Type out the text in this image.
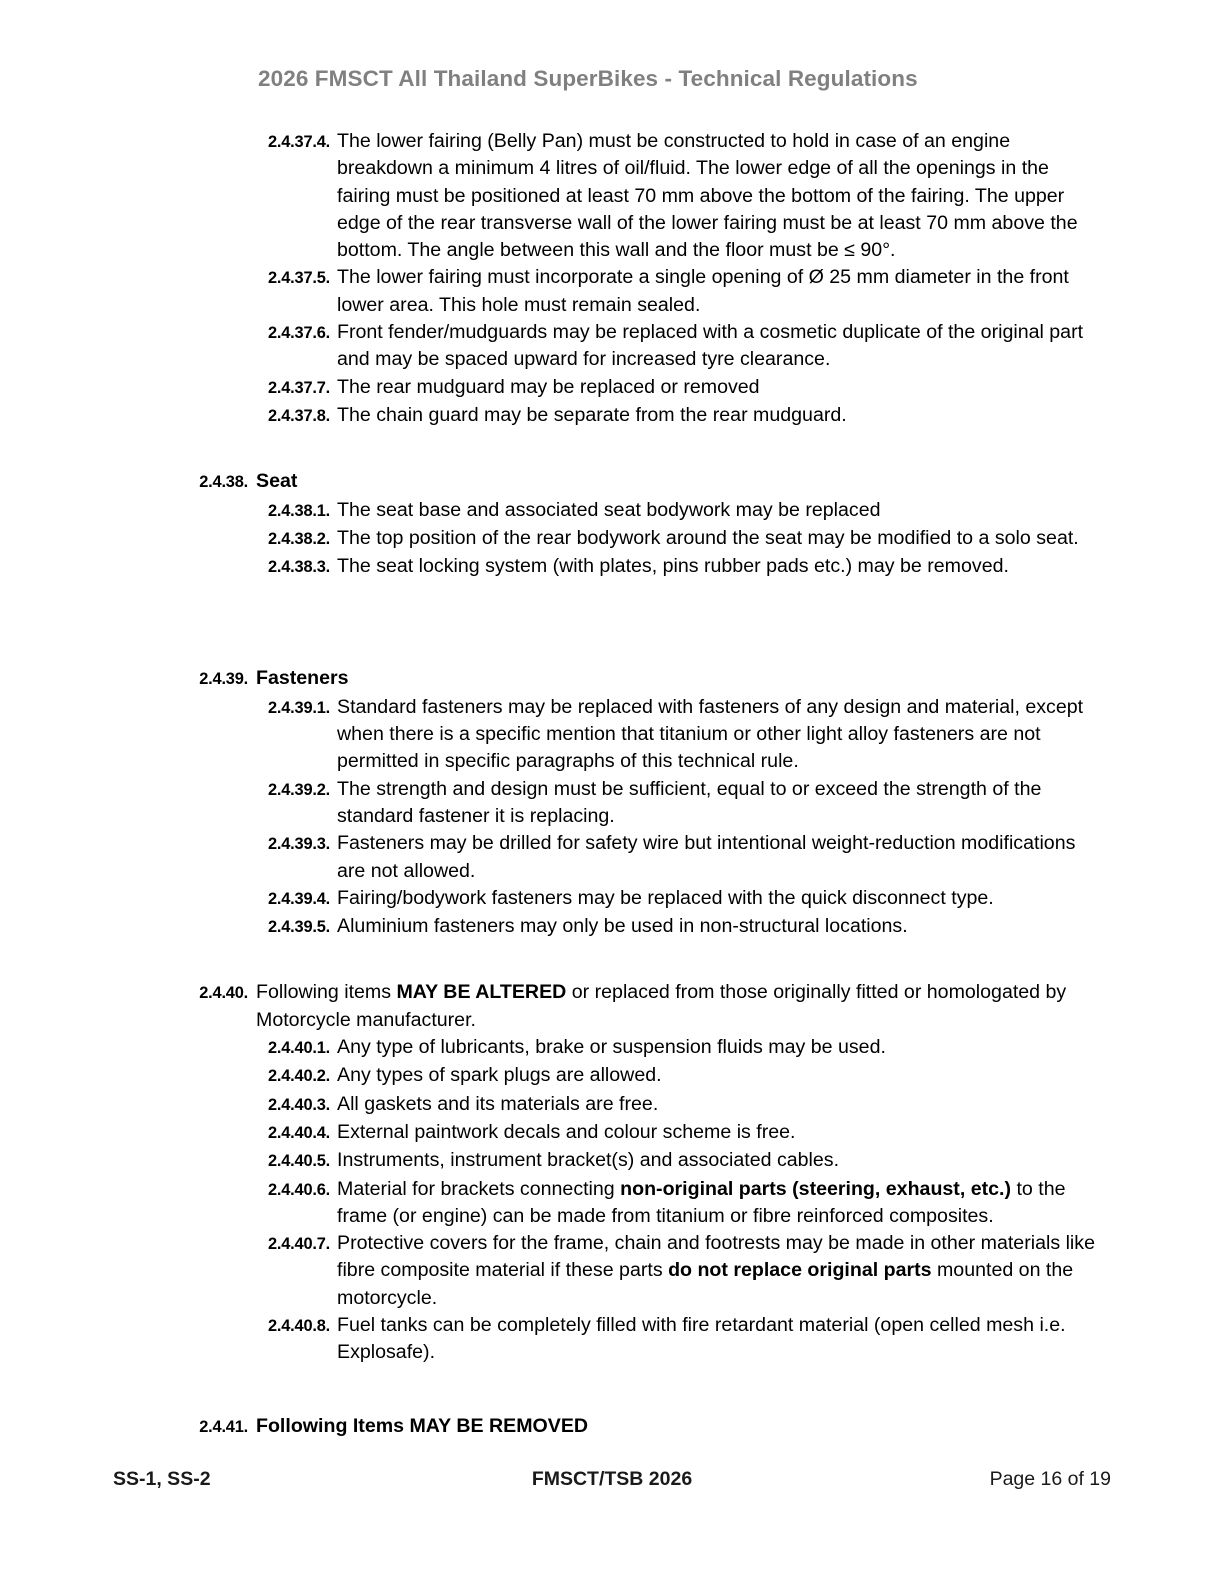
2026 FMSCT All Thailand SuperBikes - Technical Regulations
2.4.37.4. The lower fairing (Belly Pan) must be constructed to hold in case of an engine breakdown a minimum 4 litres of oil/fluid. The lower edge of all the openings in the fairing must be positioned at least 70 mm above the bottom of the fairing. The upper edge of the rear transverse wall of the lower fairing must be at least 70 mm above the bottom. The angle between this wall and the floor must be ≤ 90°.
2.4.37.5. The lower fairing must incorporate a single opening of Ø 25 mm diameter in the front lower area. This hole must remain sealed.
2.4.37.6. Front fender/mudguards may be replaced with a cosmetic duplicate of the original part and may be spaced upward for increased tyre clearance.
2.4.37.7. The rear mudguard may be replaced or removed
2.4.37.8. The chain guard may be separate from the rear mudguard.
2.4.38. Seat
2.4.38.1. The seat base and associated seat bodywork may be replaced
2.4.38.2. The top position of the rear bodywork around the seat may be modified to a solo seat.
2.4.38.3. The seat locking system (with plates, pins rubber pads etc.) may be removed.
2.4.39. Fasteners
2.4.39.1. Standard fasteners may be replaced with fasteners of any design and material, except when there is a specific mention that titanium or other light alloy fasteners are not permitted in specific paragraphs of this technical rule.
2.4.39.2. The strength and design must be sufficient, equal to or exceed the strength of the standard fastener it is replacing.
2.4.39.3. Fasteners may be drilled for safety wire but intentional weight-reduction modifications are not allowed.
2.4.39.4. Fairing/bodywork fasteners may be replaced with the quick disconnect type.
2.4.39.5. Aluminium fasteners may only be used in non-structural locations.
2.4.40. Following items MAY BE ALTERED or replaced from those originally fitted or homologated by Motorcycle manufacturer.
2.4.40.1. Any type of lubricants, brake or suspension fluids may be used.
2.4.40.2. Any types of spark plugs are allowed.
2.4.40.3. All gaskets and its materials are free.
2.4.40.4. External paintwork decals and colour scheme is free.
2.4.40.5. Instruments, instrument bracket(s) and associated cables.
2.4.40.6. Material for brackets connecting non-original parts (steering, exhaust, etc.) to the frame (or engine) can be made from titanium or fibre reinforced composites.
2.4.40.7. Protective covers for the frame, chain and footrests may be made in other materials like fibre composite material if these parts do not replace original parts mounted on the motorcycle.
2.4.40.8. Fuel tanks can be completely filled with fire retardant material (open celled mesh i.e. Explosafe).
2.4.41. Following Items MAY BE REMOVED
SS-1, SS-2	FMSCT/TSB 2026	Page 16 of 19
